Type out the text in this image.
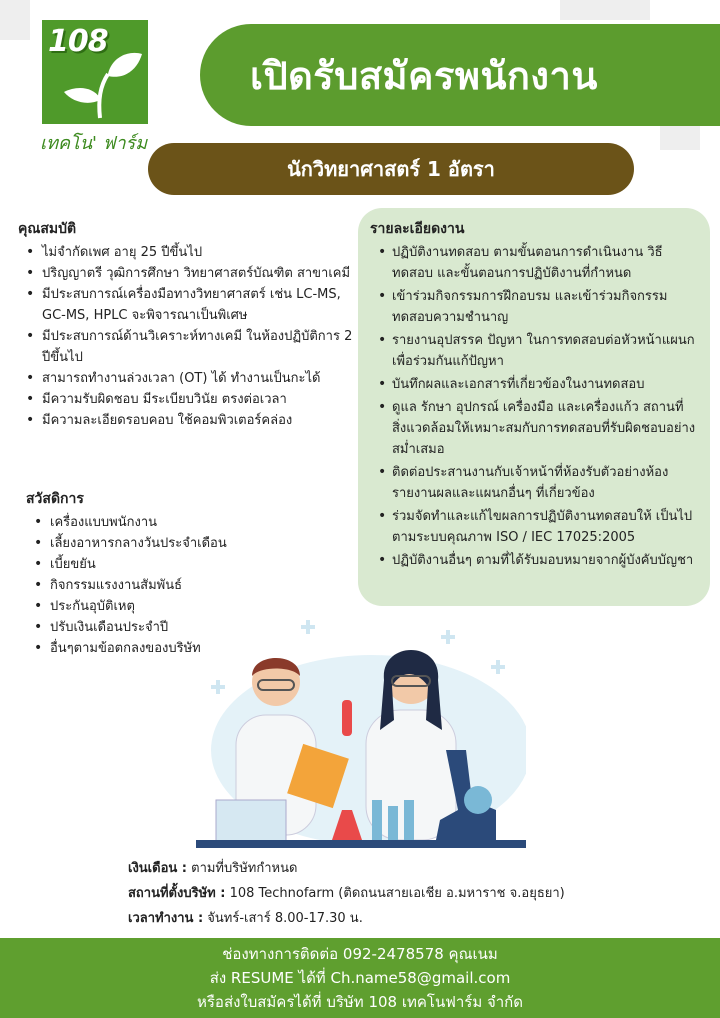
108
เทคโน' ฟาร์ม
เปิดรับสมัครพนักงาน
นักวิทยาศาสตร์ 1 อัตรา
คุณสมบัติ
• ไม่จำกัดเพศ อายุ 25 ปีขึ้นไป
• ปริญญาตรี วุฒิการศึกษา วิทยาศาสตร์บัณฑิต สาขาเคมี
• มีประสบการณ์เครื่องมือทางวิทยาศาสตร์ เช่น LC-MS, GC-MS, HPLC จะพิจารณาเป็นพิเศษ
• มีประสบการณ์ด้านวิเคราะห์ทางเคมี ในห้องปฏิบัติการ 2 ปีขึ้นไป
• สามารถทำงานล่วงเวลา (OT) ได้ ทำงานเป็นกะได้
• มีความรับผิดชอบ มีระเบียบวินัย ตรงต่อเวลา
• มีความละเอียดรอบคอบ ใช้คอมพิวเตอร์คล่อง
สวัสดิการ
• เครื่องแบบพนักงาน
• เลี้ยงอาหารกลางวันประจำเดือน
• เบี้ยขยัน
• กิจกรรมแรงงานสัมพันธ์
• ประกันอุบัติเหตุ
• ปรับเงินเดือนประจำปี
• อื่นๆตามข้อตกลงของบริษัท
รายละเอียดงาน
• ปฏิบัติงานทดสอบ ตามขั้นตอนการดำเนินงาน วิธีทดสอบ และขั้นตอนการปฏิบัติงานที่กำหนด
• เข้าร่วมกิจกรรมการฝึกอบรม และเข้าร่วมกิจกรรมทดสอบความชำนาญ
• รายงานอุปสรรค ปัญหา ในการทดสอบต่อหัวหน้าแผนก เพื่อร่วมกันแก้ปัญหา
• บันทึกผลและเอกสารที่เกี่ยวข้องในงานทดสอบ
• ดูแล รักษา อุปกรณ์ เครื่องมือ และเครื่องแก้ว สถานที่ สิ่งแวดล้อมให้เหมาะสมกับการทดสอบที่รับผิดชอบอย่างสม่ำเสมอ
• ติดต่อประสานงานกับเจ้าหน้าที่ห้องรับตัวอย่างห้องรายงานผลและแผนกอื่นๆ ที่เกี่ยวข้อง
• ร่วมจัดทำและแก้ไขผลการปฏิบัติงานทดสอบให้ เป็นไปตามระบบคุณภาพ ISO / IEC 17025:2005
• ปฏิบัติงานอื่นๆ ตามที่ได้รับมอบหมายจากผู้บังคับบัญชา
เงินเดือน : ตามที่บริษัทกำหนด
สถานที่ตั้งบริษัท : 108 Technofarm (ติดถนนสายเอเชีย อ.มหาราช จ.อยุธยา)
เวลาทำงาน : จันทร์-เสาร์ 8.00-17.30 น.
ช่องทางการติดต่อ 092-2478578 คุณเนม
ส่ง RESUME ได้ที่ Ch.name58@gmail.com
หรือส่งใบสมัครได้ที่ บริษัท 108 เทคโนฟาร์ม จำกัด
